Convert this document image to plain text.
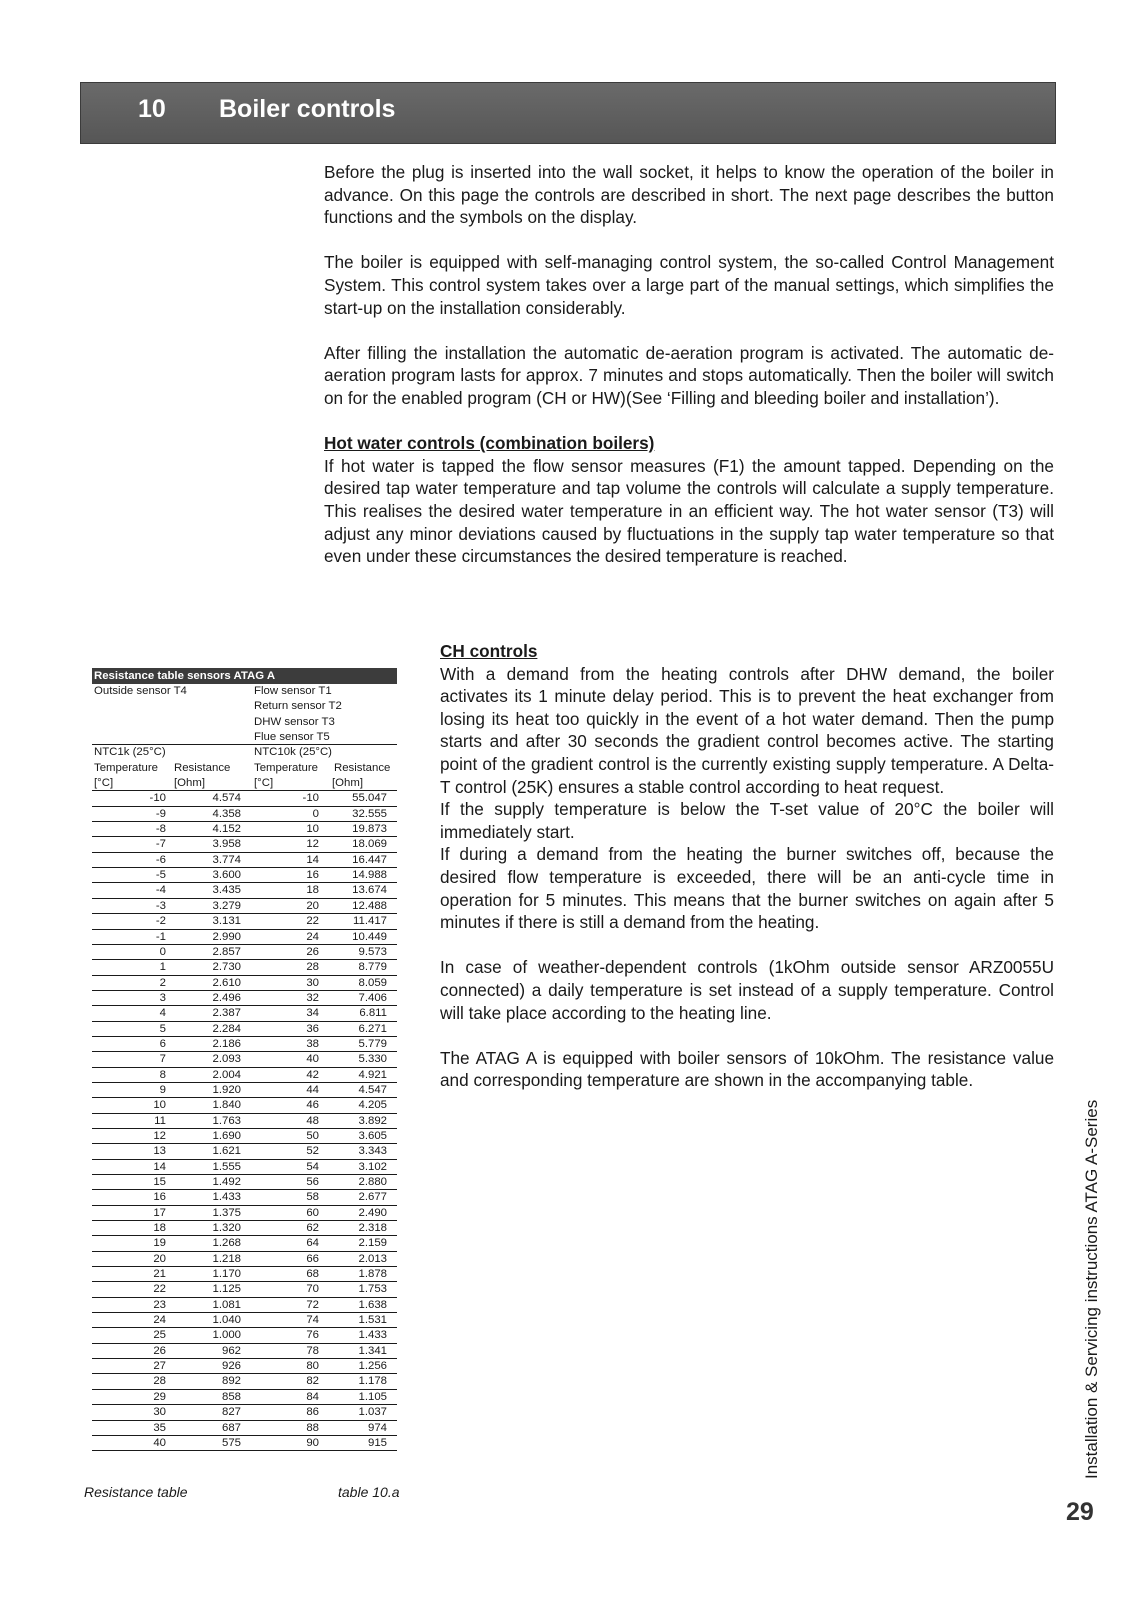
10 Boiler controls

Before the plug is inserted into the wall socket, it helps to know the operation of the boiler in advance. On this page the controls are described in short. The next page describes the button functions and the symbols on the display.

The boiler is equipped with self-managing control system, the so-called Control Management System. This control system takes over a large part of the manual settings, which simplifies the start-up on the installation considerably.

After filling the installation the automatic de-aeration program is activated. The automatic de-aeration program lasts for approx. 7 minutes and stops automatically. Then the boiler will switch on for the enabled program (CH or HW)(See ‘Filling and bleeding boiler and installation’).

Hot water controls (combination boilers)

If hot water is tapped the flow sensor measures (F1) the amount tapped. Depending on the desired tap water temperature and tap volume the controls will calculate a supply temperature. This realises the desired water temperature in an efficient way. The hot water sensor (T3) will adjust any minor deviations caused by fluctuations in the supply tap water temperature so that even under these circumstances the desired temperature is reached.

CH controls

With a demand from the heating controls after DHW demand, the boiler activates its 1 minute delay period. This is to prevent the heat exchanger from losing its heat too quickly in the event of a hot water demand. Then the pump starts and after 30 seconds the gradient control becomes active. The starting point of the gradient control is the currently existing supply temperature. A Delta-T control (25K) ensures a stable control according to heat request.

If the supply temperature is below the T-set value of 20°C the boiler will immediately start.

If during a demand from the heating the burner switches off, because the desired flow temperature is exceeded, there will be an anti-cycle time in operation for 5 minutes. This means that the burner switches on again after 5 minutes if there is still a demand from the heating.

In case of weather-dependent controls (1kOhm outside sensor ARZ0055U connected) a daily temperature is set instead of a supply temperature. Control will take place according to the heating line.

The ATAG A is equipped with boiler sensors of 10kOhm. The resistance value and corresponding temperature are shown in the accompanying table.

Resistance table sensors ATAG A
Outside sensor T4	Flow sensor T1
Return sensor T2
DHW sensor T3
Flue sensor T5
NTC1k (25°C)	NTC10k (25°C)
Temperature	Resistance Temperature	Resistance
[°C]	[Ohm]	[°C]	[Ohm]
-10	4.574	-10	55.047
-9	4.358	0	32.555
-8	4.152	10	19.873
-7	3.958	12	18.069
-6	3.774	14	16.447
-5	3.600	16	14.988
-4	3.435	18	13.674
-3	3.279	20	12.488
-2	3.131	22	11.417
-1	2.990	24	10.449
0	2.857	26	9.573
1	2.730	28	8.779
2	2.610	30	8.059
3	2.496	32	7.406
4	2.387	34	6.811
5	2.284	36	6.271
6	2.186	38	5.779
7	2.093	40	5.330
8	2.004	42	4.921
9	1.920	44	4.547
10	1.840	46	4.205
11	1.763	48	3.892
12	1.690	50	3.605
13	1.621	52	3.343
14	1.555	54	3.102
15	1.492	56	2.880
16	1.433	58	2.677
17	1.375	60	2.490
18	1.320	62	2.318
19	1.268	64	2.159
20	1.218	66	2.013
21	1.170	68	1.878
22	1.125	70	1.753
23	1.081	72	1.638
24	1.040	74	1.531
25	1.000	76	1.433
26	962	78	1.341
27	926	80	1.256
28	892	82	1.178
29	858	84	1.105
30	827	86	1.037
35	687	88	974
40	575	90	915
Resistance table	table 10.a
Installation & Servicing instructions ATAG A-Series
29
